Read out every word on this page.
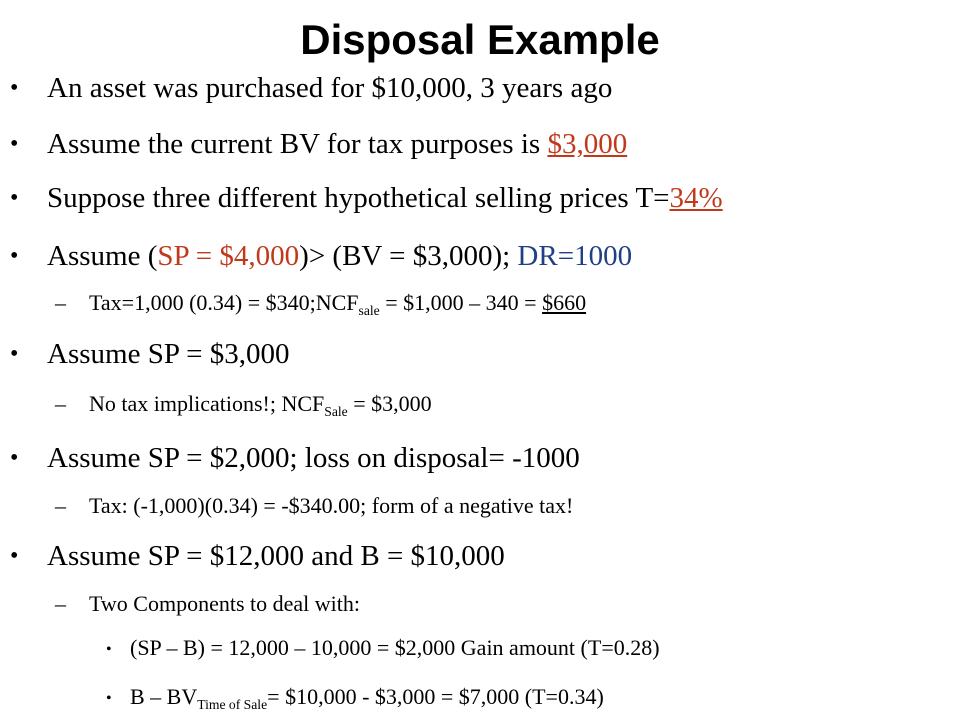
Disposal Example
• An asset was purchased for $10,000, 3 years ago
• Assume the current BV for tax purposes is $3,000
• Suppose three different hypothetical selling prices T=34%
• Assume (SP = $4,000)> (BV = $3,000); DR=1000
– Tax=1,000 $(0.34) = \$340;NCF_{sale}$ = $1,000 – 340 = $660
• Assume SP = $3,000
– No tax implications!; $NCF_{Sale}$ = $3,000
• Assume SP = $2,000; loss on disposal= -1000
– Tax: (-1,000)(0.34) = -$340.00; form of a negative tax!
• Assume SP = $12,000 and B = $10,000
– Two Components to deal with:
• (SP – B) = 12,000 – 10,000 = $2,000 Gain amount (T=0.28)
• $B - BV_{Time of Sale}=$ $10,000 - $3,000 = $7,000 (T=0.34)
